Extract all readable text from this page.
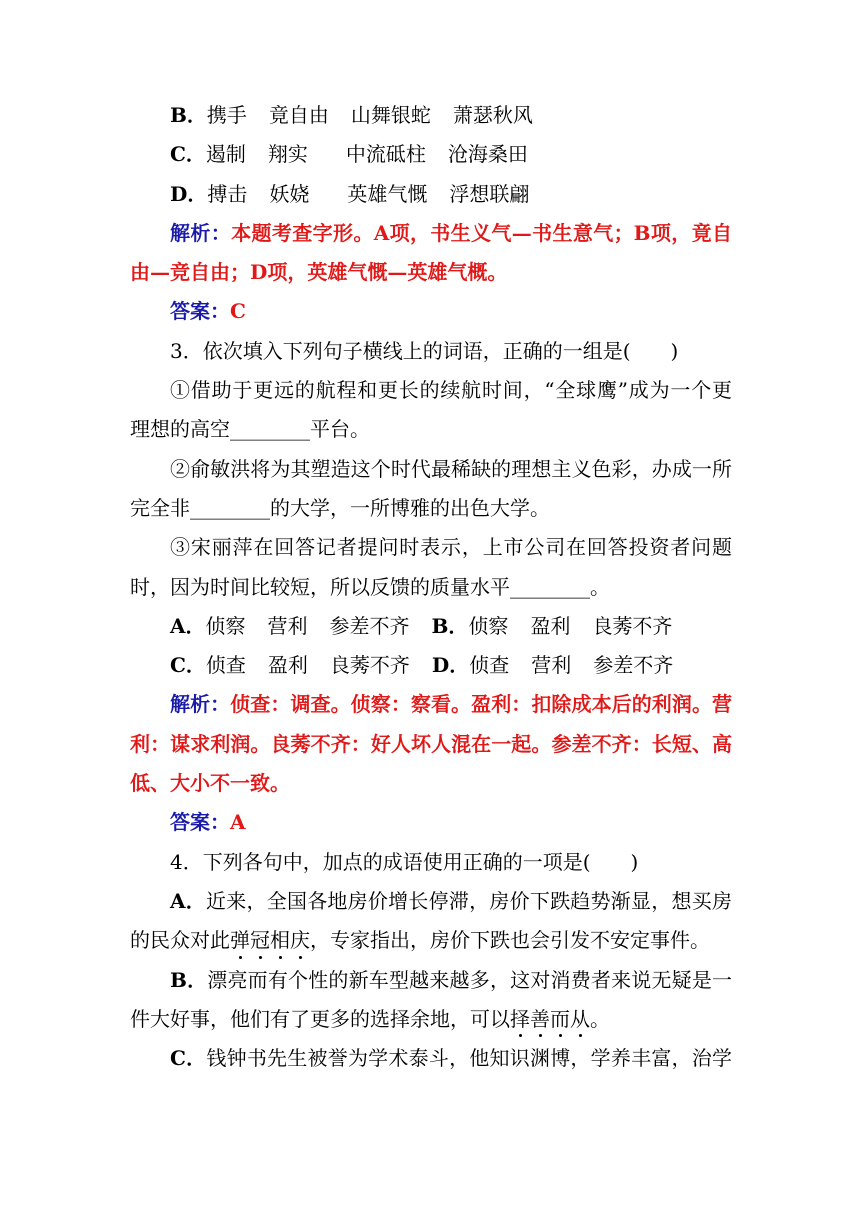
B．携手 竟自由 山舞银蛇 萧瑟秋风
C．遏制 翔实 中流砥柱 沧海桑田
D．搏击 妖娆 英雄气慨 浮想联翩
解析：本题考查字形。A项，书生义气—书生意气；B项，竟自
由—竞自由；D项，英雄气慨—英雄气概。
答案：C
3．依次填入下列句子横线上的词语，正确的一组是(　　)
①借助于更远的航程和更长的续航时间，“全球鹰”成为一个更
理想的高空________平台。
②俞敏洪将为其塑造这个时代最稀缺的理想主义色彩，办成一所
完全非________的大学，一所博雅的出色大学。
③宋丽萍在回答记者提问时表示，上市公司在回答投资者问题
时，因为时间比较短，所以反馈的质量水平________。
A．侦察 营利 参差不齐 B．侦察 盈利 良莠不齐
C．侦查 盈利 良莠不齐 D．侦查 营利 参差不齐
解析：侦查：调查。侦察：察看。盈利：扣除成本后的利润。营
利：谋求利润。良莠不齐：好人坏人混在一起。参差不齐：长短、高
低、大小不一致。
答案：A
4．下列各句中，加点的成语使用正确的一项是(　　)
A．近来，全国各地房价增长停滞，房价下跌趋势渐显，想买房
的民众对此弹冠相庆，专家指出，房价下跌也会引发不安定事件。
B．漂亮而有个性的新车型越来越多，这对消费者来说无疑是一
件大好事，他们有了更多的选择余地，可以择善而从。
C．钱钟书先生被誉为学术泰斗，他知识渊博，学养丰富，治学
